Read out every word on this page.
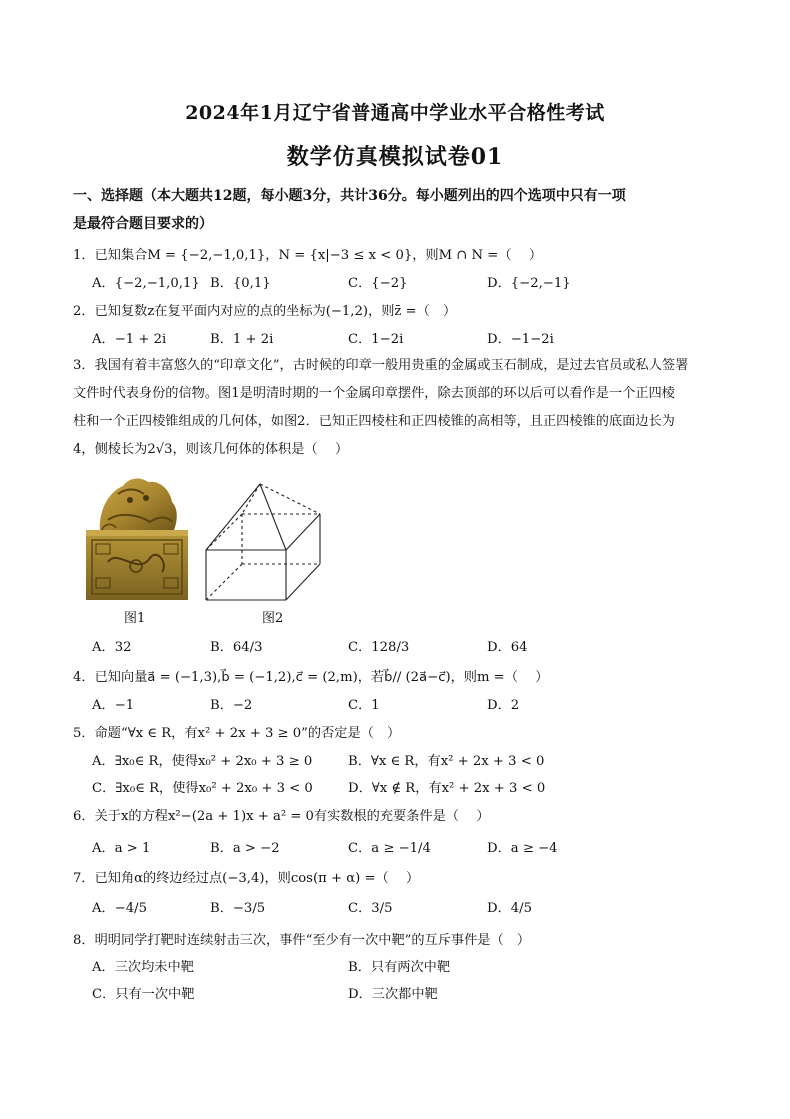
2024年1月辽宁省普通高中学业水平合格性考试
数学仿真模拟试卷01
一、选择题（本大题共12题，每小题3分，共计36分。每小题列出的四个选项中只有一项
是最符合题目要求的）
1．已知集合M = {−2,−1,0,1}，N = {x|−3 ≤ x < 0}，则M ∩ N =（　 ）
A．{−2,−1,0,1} B．{0,1}	C．{−2}	D．{−2,−1}
2．已知复数z在复平面内对应的点的坐标为(−1,2)，则z̄ =（　）
A．−1 + 2i	B．1 + 2i	C．1−2i	D．−1−2i
3．我国有着丰富悠久的“印章文化”，古时候的印章一般用贵重的金属或玉石制成，是过去官员或私人签署
文件时代表身份的信物。图1是明清时期的一个金属印章摆件，除去顶部的环以后可以看作是一个正四棱
柱和一个正四棱锥组成的几何体，如图2．已知正四棱柱和正四棱锥的高相等，且正四棱锥的底面边长为
4，侧棱长为2√3，则该几何体的体积是（　 ）
图1	图2
A．32	B．64/3	C．128/3	D．64
4．已知向量a⃗ = (−1,3),b⃗ = (−1,2),c⃗ = (2,m)，若b⃗// (2a⃗−c⃗)，则m =（　 ）
A．−1	B．−2	C．1	D．2
5．命题“∀x ∈ R，有x² + 2x + 3 ≥ 0”的否定是（　）
A．∃x₀∈ R，使得x₀² + 2x₀ + 3 ≥ 0	B．∀x ∈ R，有x² + 2x + 3 < 0
C．∃x₀∈ R，使得x₀² + 2x₀ + 3 < 0	D．∀x ∉ R，有x² + 2x + 3 < 0
6．关于x的方程x²−(2a + 1)x + a² = 0有实数根的充要条件是（　 ）
A．a > 1	B．a > −2	C．a ≥ −1/4	D．a ≥ −4
7．已知角α的终边经过点(−3,4)，则cos(π + α) =（　 ）
A．−4/5	B．−3/5	C．3/5	D．4/5
8．明明同学打靶时连续射击三次，事件“至少有一次中靶”的互斥事件是（　）
A．三次均未中靶	B．只有两次中靶
C．只有一次中靶	D．三次都中靶
